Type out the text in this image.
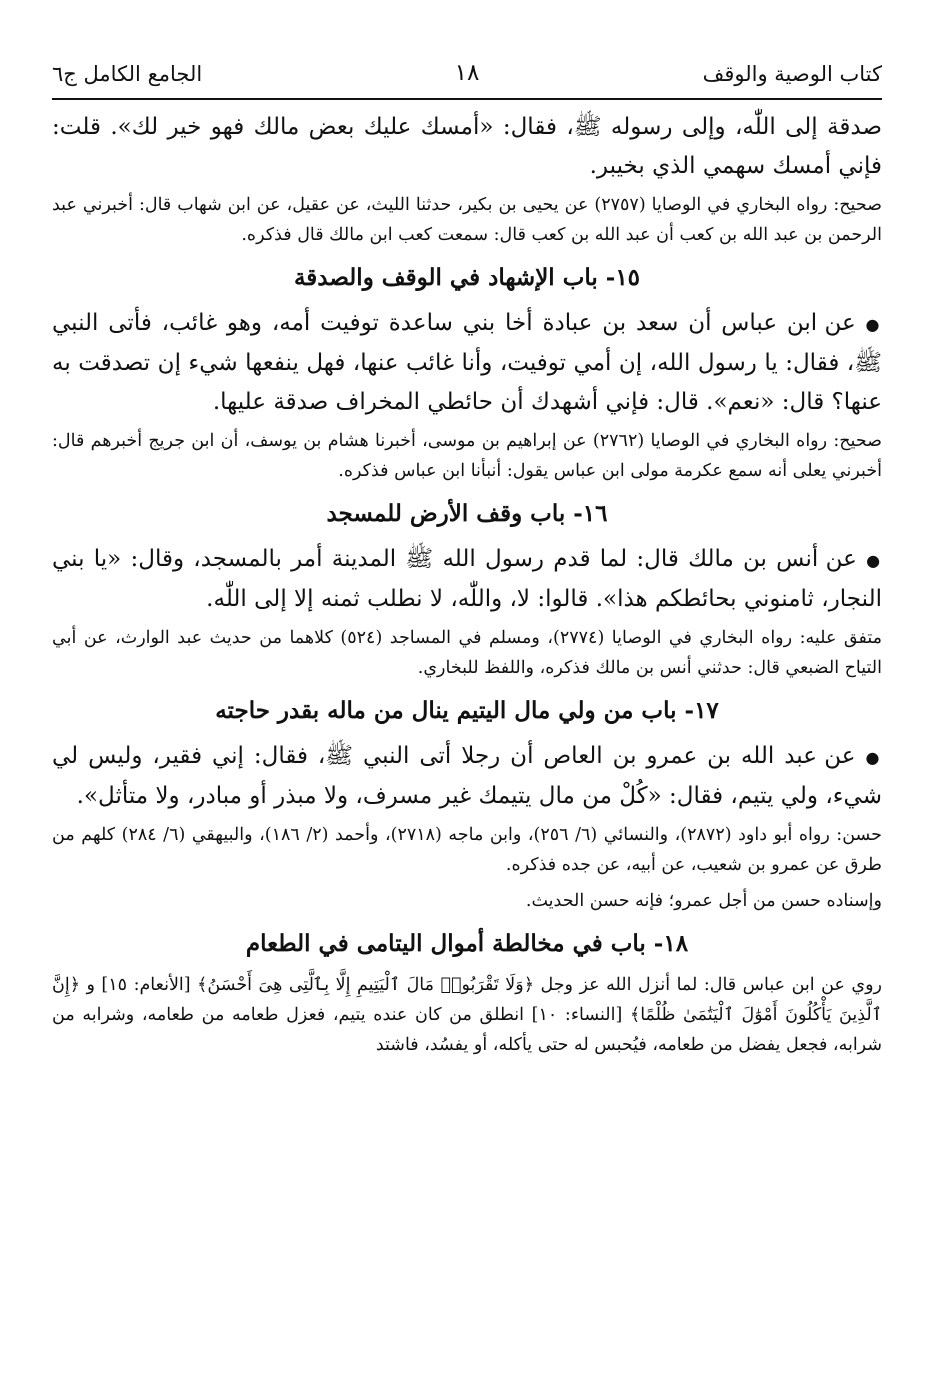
كتاب الوصية والوقف
١٨
الجامع الكامل ج٦

صدقة إلى اللّٰه، وإلى رسوله ﷺ، فقال: «أمسك عليك بعض مالك فهو خير لك». قلت: فإني أمسك سهمي الذي بخيبر.

صحيح: رواه البخاري في الوصايا (٢٧٥٧) عن يحيى بن بكير، حدثنا الليث، عن عقيل، عن ابن شهاب قال: أخبرني عبد الرحمن بن عبد الله بن كعب أن عبد الله بن كعب قال: سمعت كعب ابن مالك قال فذكره.

١٥- باب الإشهاد في الوقف والصدقة

● عن ابن عباس أن سعد بن عبادة أخا بني ساعدة توفيت أمه، وهو غائب، فأتى النبي ﷺ، فقال: يا رسول الله، إن أمي توفيت، وأنا غائب عنها، فهل ينفعها شيء إن تصدقت به عنها؟ قال: «نعم». قال: فإني أشهدك أن حائطي المخراف صدقة عليها.

صحيح: رواه البخاري في الوصايا (٢٧٦٢) عن إبراهيم بن موسى، أخبرنا هشام بن يوسف، أن ابن جريج أخبرهم قال: أخبرني يعلى أنه سمع عكرمة مولى ابن عباس يقول: أنبأنا ابن عباس فذكره.

١٦- باب وقف الأرض للمسجد

● عن أنس بن مالك قال: لما قدم رسول الله ﷺ المدينة أمر بالمسجد، وقال: «يا بني النجار، ثامنوني بحائطكم هذا». قالوا: لا، واللّٰه، لا نطلب ثمنه إلا إلى اللّٰه.

متفق عليه: رواه البخاري في الوصايا (٢٧٧٤)، ومسلم في المساجد (٥٢٤) كلاهما من حديث عبد الوارث، عن أبي التياح الضبعي قال: حدثني أنس بن مالك فذكره، واللفظ للبخاري.

١٧- باب من ولي مال اليتيم ينال من ماله بقدر حاجته

● عن عبد الله بن عمرو بن العاص أن رجلا أتى النبي ﷺ، فقال: إني فقير، وليس لي شيء، ولي يتيم، فقال: «كُلْ من مال يتيمك غير مسرف، ولا مبذر أو مبادر، ولا متأثل».

حسن: رواه أبو داود (٢٨٧٢)، والنسائي (٦/ ٢٥٦)، وابن ماجه (٢٧١٨)، وأحمد (٢/ ١٨٦)، والبيهقي (٦/ ٢٨٤) كلهم من طرق عن عمرو بن شعيب، عن أبيه، عن جده فذكره.

وإسناده حسن من أجل عمرو؛ فإنه حسن الحديث.

١٨- باب في مخالطة أموال اليتامى في الطعام

روي عن ابن عباس قال: لما أنزل الله عز وجل ﴿وَلَا تَقْرَبُوا۟ مَالَ ٱلْيَتِيمِ إِلَّا بِٱلَّتِى هِىَ أَحْسَنُ﴾ [الأنعام: ١٥] و ﴿إِنَّ ٱلَّذِينَ يَأْكُلُونَ أَمْوَٰلَ ٱلْيَتَٰمَىٰ ظُلْمًا﴾ [النساء: ١٠] انطلق من كان عنده يتيم، فعزل طعامه من طعامه، وشرابه من شرابه، فجعل يفضل من طعامه، فيُحبس له حتى يأكله، أو يفسُد، فاشتد
